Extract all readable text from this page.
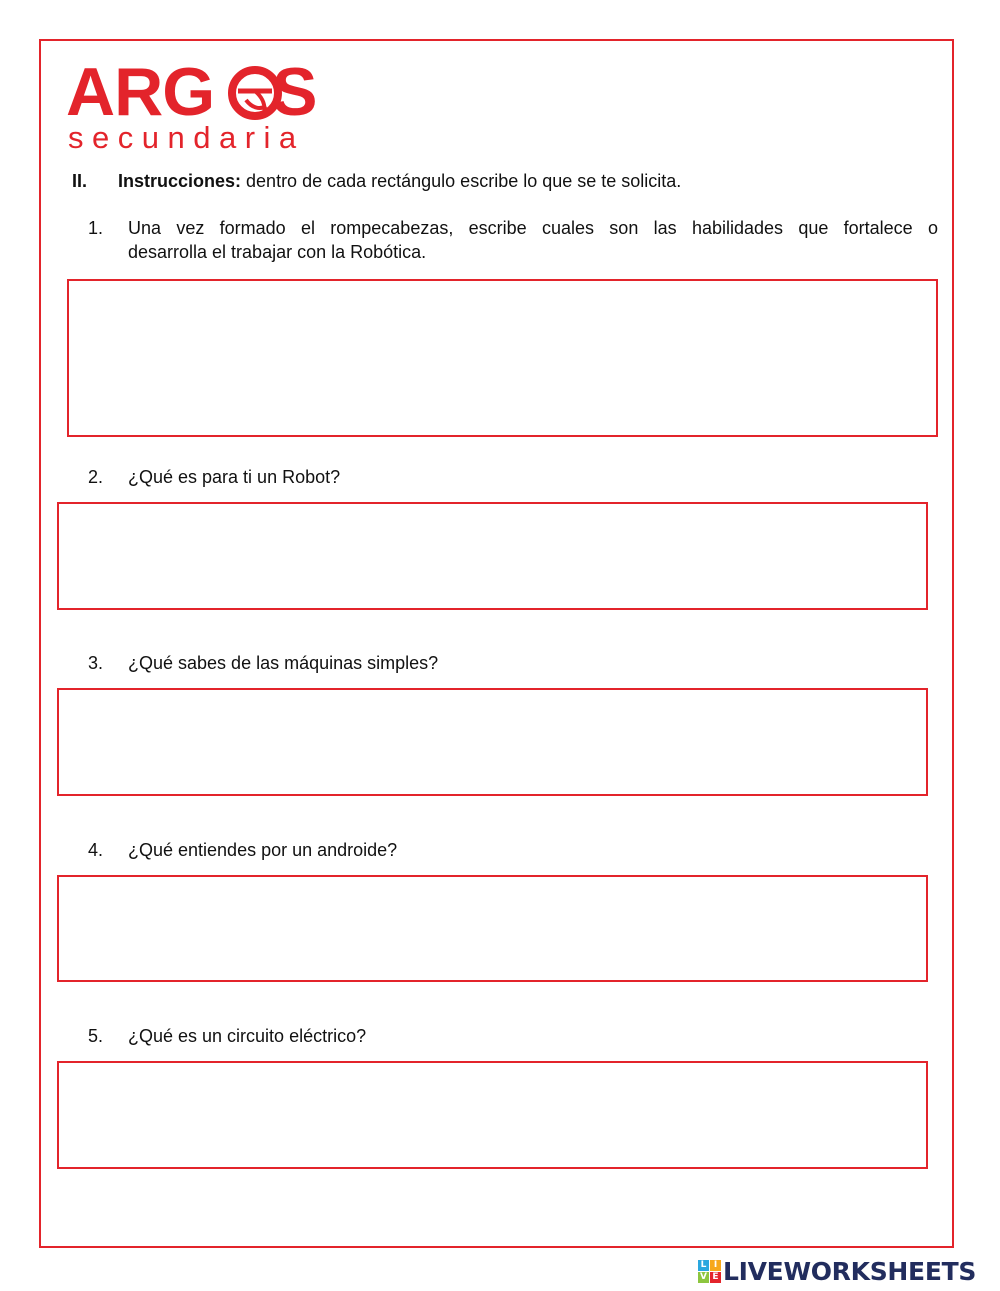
ARG S
secundaria
II. Instrucciones: dentro de cada rectángulo escribe lo que se te solicita.
1. Una vez formado el rompecabezas, escribe cuales son las habilidades que fortalece o
desarrolla el trabajar con la Robótica.
2. ¿Qué es para ti un Robot?
3. ¿Qué sabes de las máquinas simples?
4. ¿Qué entiendes por un androide?
5. ¿Qué es un circuito eléctrico?
L I
V E LIVEWORKSHEETS
